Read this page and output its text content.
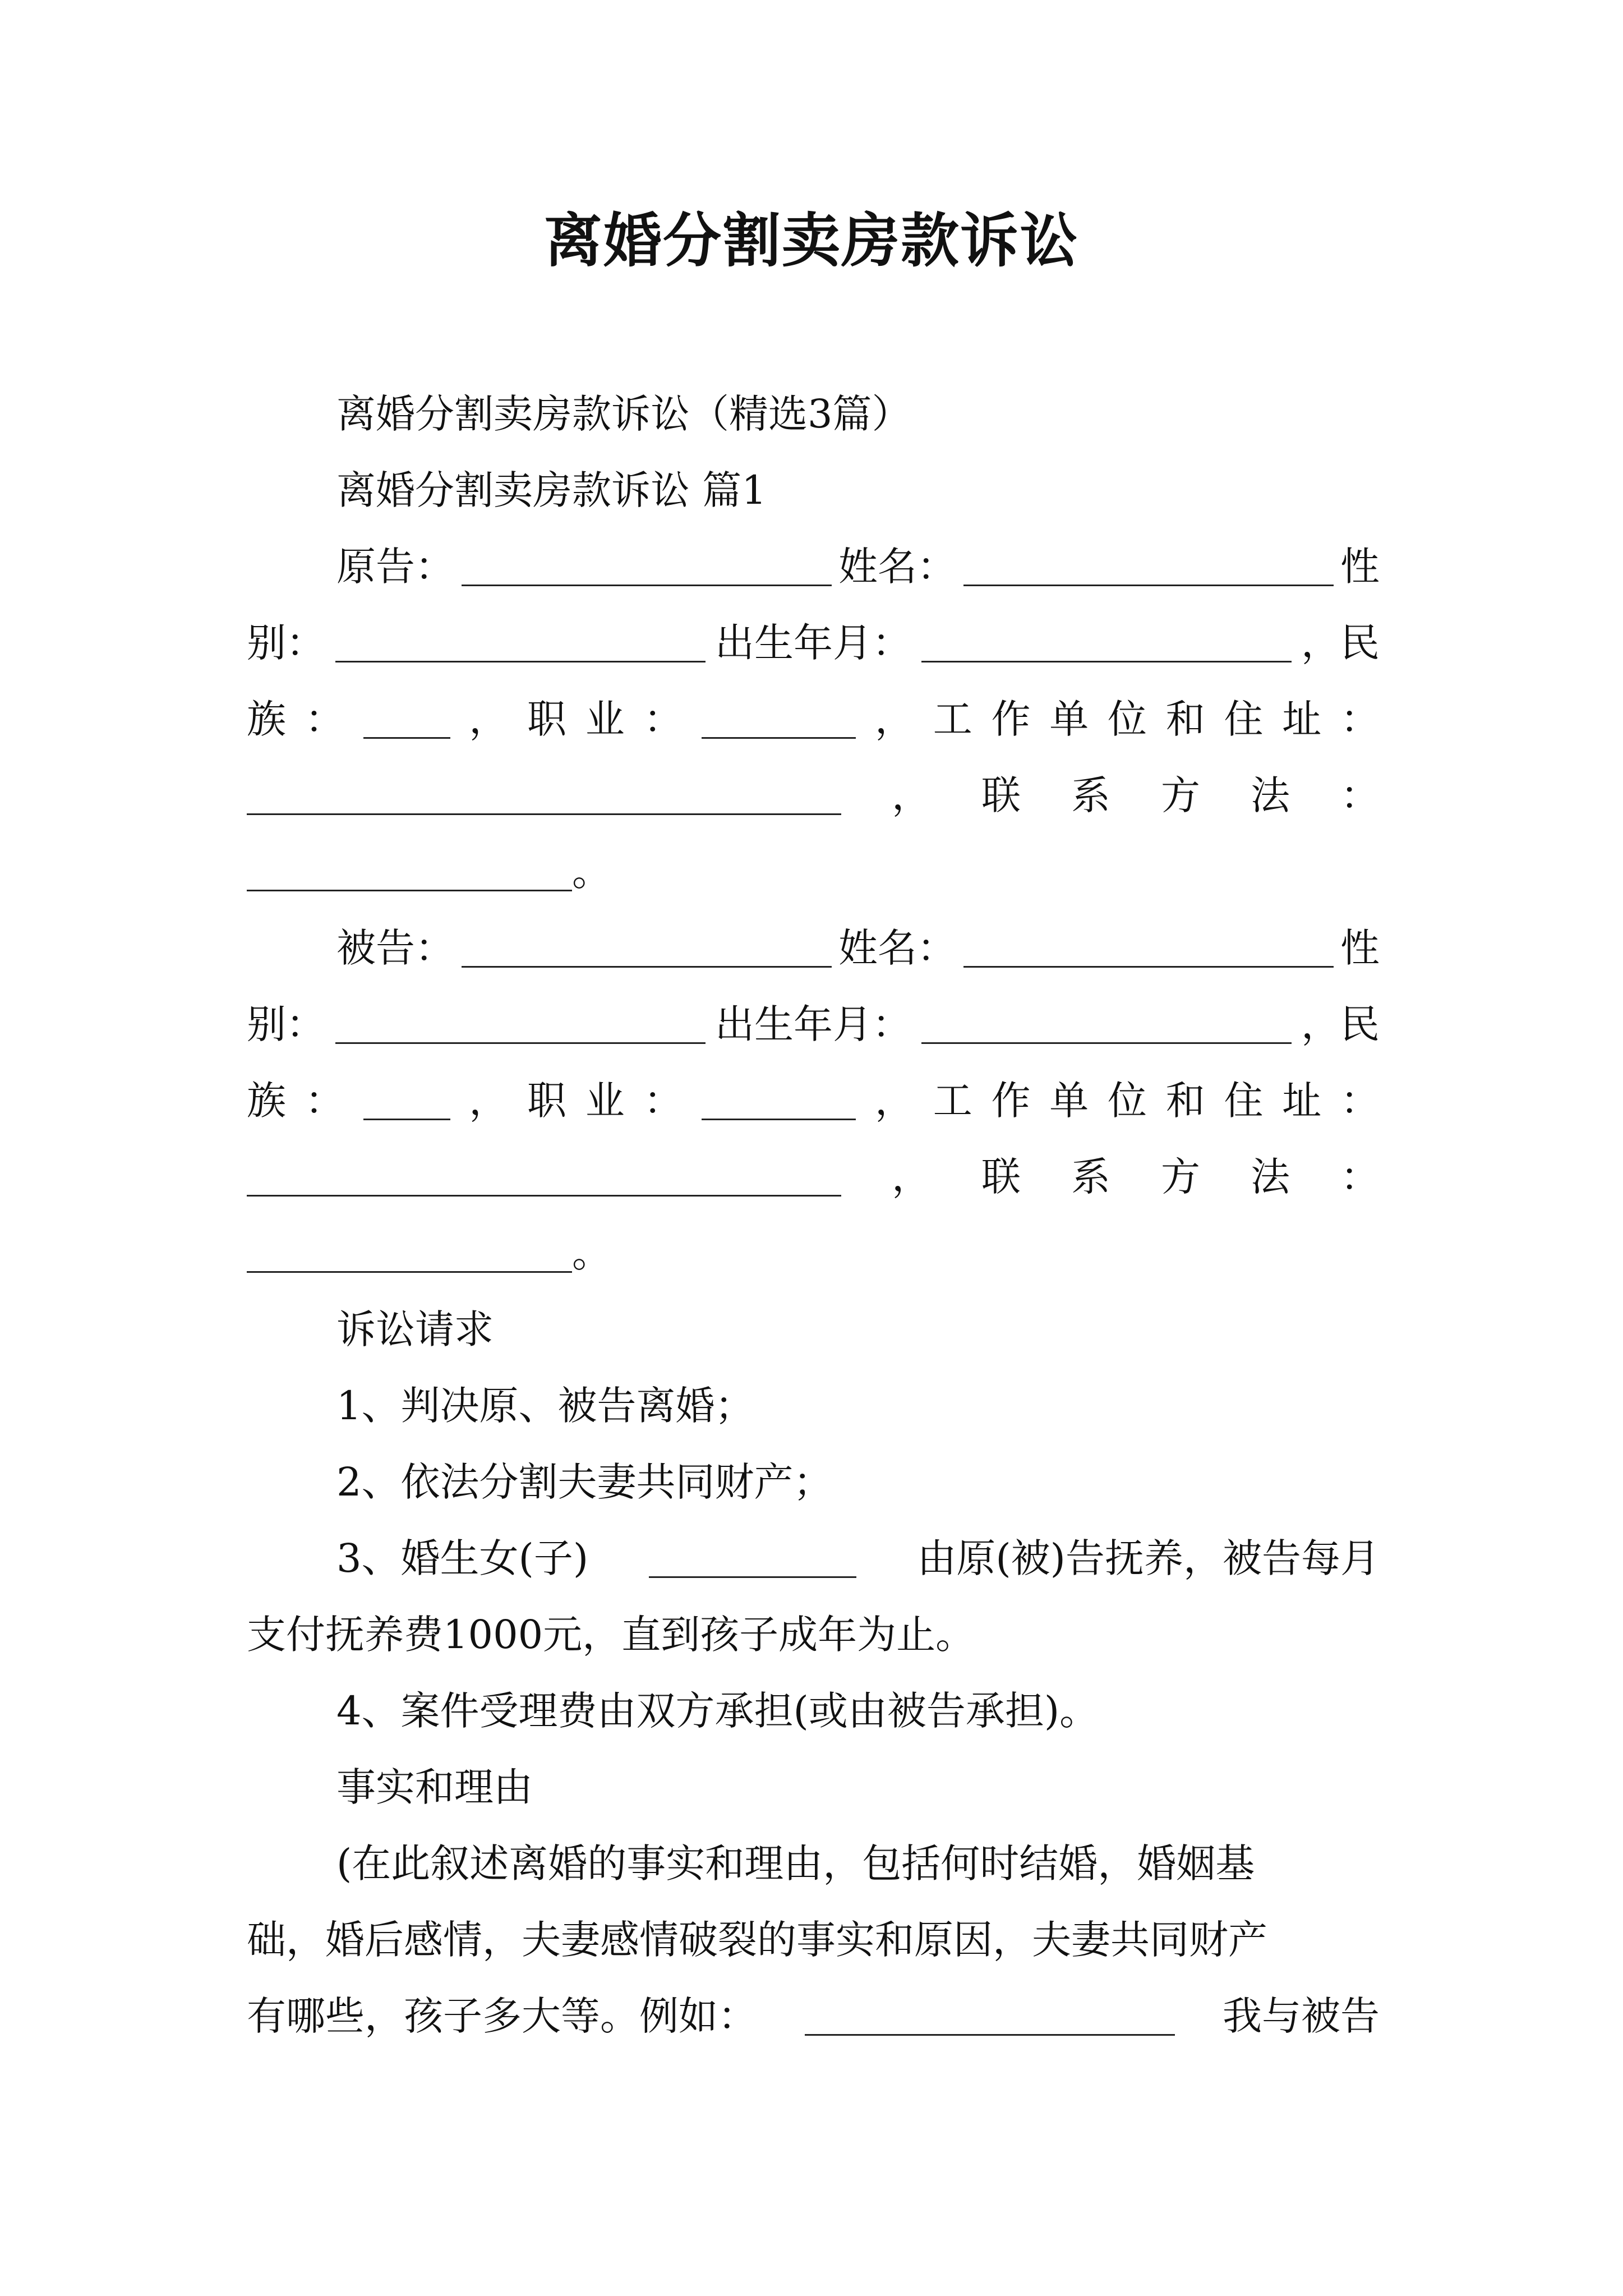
离婚分割卖房款诉讼
离婚分割卖房款诉讼（精选3篇）
离婚分割卖房款诉讼 篇1
原告：	姓名：	性
别：	出生年月：	，民
族 ：	， 职 业 ：	， 工 作 单 位 和 住 址 ：
， 联 系 方 法 ：
。
被告：	姓名：	性
别：	出生年月：	，民
族 ：	， 职 业 ：	， 工 作 单 位 和 住 址 ：
， 联 系 方 法 ：
。
诉讼请求
1、判决原、被告离婚；
2、依法分割夫妻共同财产；
3、婚生女(子)	由原(被)告抚养，被告每月
支付抚养费1000元，直到孩子成年为止。
4、案件受理费由双方承担(或由被告承担)。
事实和理由
(在此叙述离婚的事实和理由，包括何时结婚，婚姻基
础，婚后感情，夫妻感情破裂的事实和原因，夫妻共同财产
有哪些，孩子多大等。例如：	我与被告
